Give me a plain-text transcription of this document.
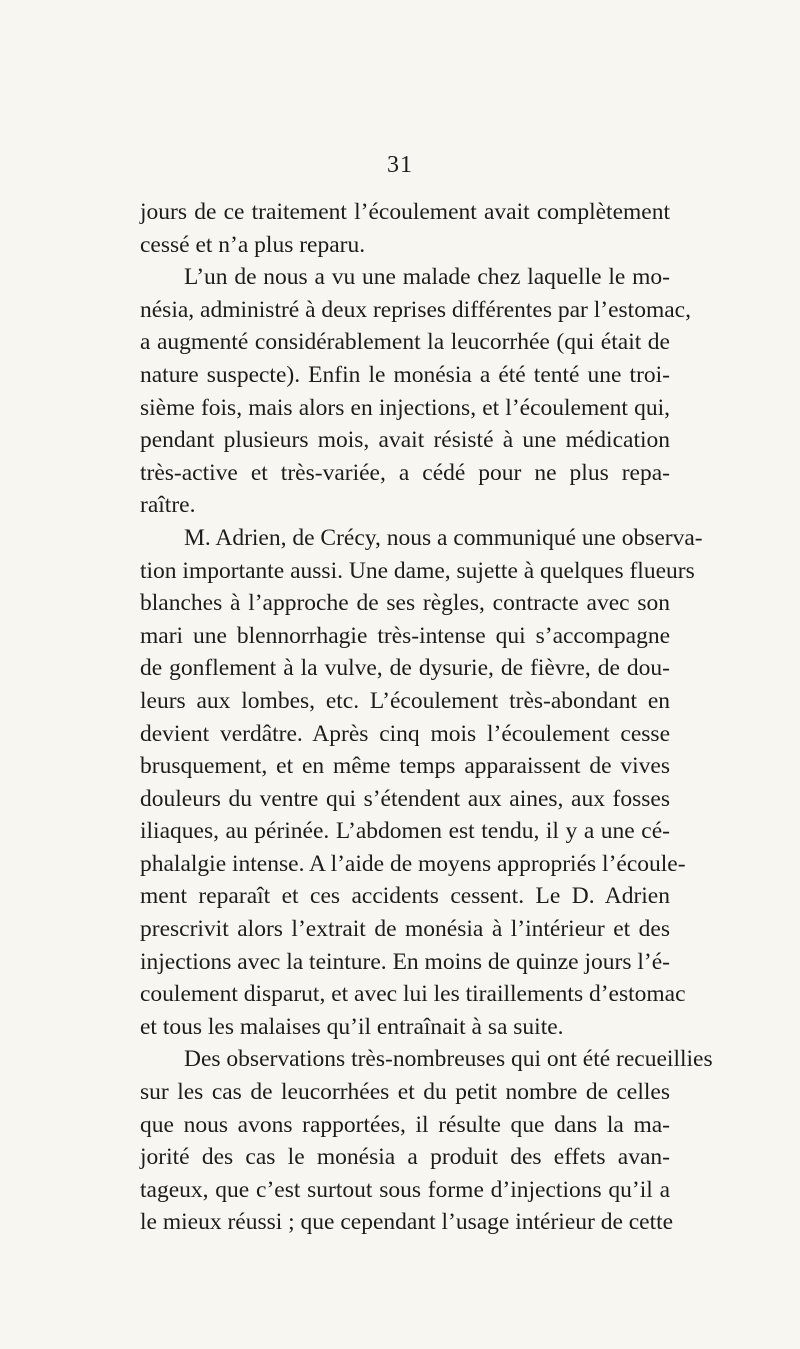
31
jours de ce traitement l’écoulement avait complètement
cessé et n’a plus reparu.
L’un de nous a vu une malade chez laquelle le mo-
nésia, administré à deux reprises différentes par l’estomac,
a augmenté considérablement la leucorrhée (qui était de
nature suspecte). Enfin le monésia a été tenté une troi-
sième fois, mais alors en injections, et l’écoulement qui,
pendant plusieurs mois, avait résisté à une médication
très-active et très-variée, a cédé pour ne plus repa-
raître.
M. Adrien, de Crécy, nous a communiqué une observa-
tion importante aussi. Une dame, sujette à quelques flueurs
blanches à l’approche de ses règles, contracte avec son
mari une blennorrhagie très-intense qui s’accompagne
de gonflement à la vulve, de dysurie, de fièvre, de dou-
leurs aux lombes, etc. L’écoulement très-abondant en
devient verdâtre. Après cinq mois l’écoulement cesse
brusquement, et en même temps apparaissent de vives
douleurs du ventre qui s’étendent aux aines, aux fosses
iliaques, au périnée. L’abdomen est tendu, il y a une cé-
phalalgie intense. A l’aide de moyens appropriés l’écoule-
ment reparaît et ces accidents cessent. Le D. Adrien
prescrivit alors l’extrait de monésia à l’intérieur et des
injections avec la teinture. En moins de quinze jours l’é-
coulement disparut, et avec lui les tiraillements d’estomac
et tous les malaises qu’il entraînait à sa suite.
Des observations très-nombreuses qui ont été recueillies
sur les cas de leucorrhées et du petit nombre de celles
que nous avons rapportées, il résulte que dans la ma-
jorité des cas le monésia a produit des effets avan-
tageux, que c’est surtout sous forme d’injections qu’il a
le mieux réussi ; que cependant l’usage intérieur de cette
